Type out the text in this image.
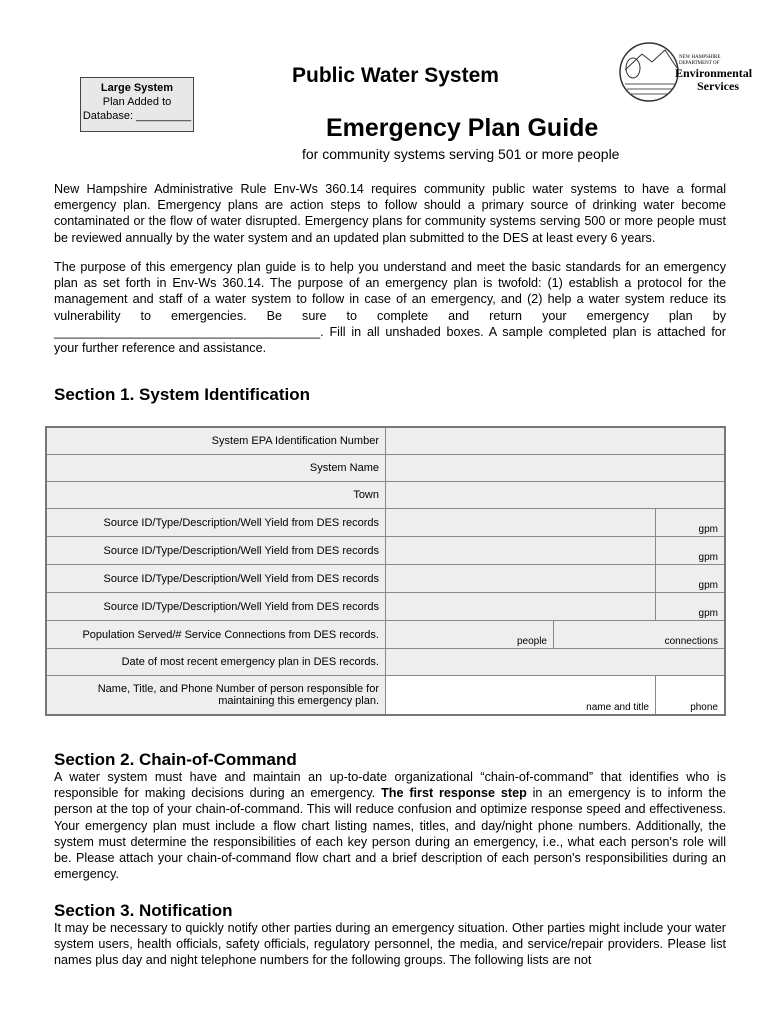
Large System
Plan Added to
Database: _________
Public Water System
Emergency Plan Guide
for community systems serving 501 or more people
NEW HAMPSHIRE
DEPARTMENT OF
Environmental
Services
New Hampshire Administrative Rule Env-Ws 360.14 requires community public water systems to have a formal emergency plan. Emergency plans are action steps to follow should a primary source of drinking water become contaminated or the flow of water disrupted. Emergency plans for community systems serving 500 or more people must be reviewed annually by the water system and an updated plan submitted to the DES at least every 6 years.
The purpose of this emergency plan guide is to help you understand and meet the basic standards for an emergency plan as set forth in Env-Ws 360.14. The purpose of an emergency plan is twofold: (1) establish a protocol for the management and staff of a water system to follow in case of an emergency, and (2) help a water system reduce its vulnerability to emergencies. Be sure to complete and return your emergency plan by ______________________________________. Fill in all unshaded boxes. A sample completed plan is attached for your further reference and assistance.
Section 1. System Identification
System EPA Identification Number			
System Name			
Town			
Source ID/Type/Description/Well Yield from DES records			gpm
Source ID/Type/Description/Well Yield from DES records			gpm
Source ID/Type/Description/Well Yield from DES records			gpm
Source ID/Type/Description/Well Yield from DES records			gpm
Population Served/# Service Connections from DES records.	people	connections	
Date of most recent emergency plan in DES records.			
Name, Title, and Phone Number of person responsible for maintaining this emergency plan.	name and title		phone
Section 2. Chain-of-Command
A water system must have and maintain an up-to-date organizational “chain-of-command” that identifies who is responsible for making decisions during an emergency. The first response step in an emergency is to inform the person at the top of your chain-of-command. This will reduce confusion and optimize response speed and effectiveness. Your emergency plan must include a flow chart listing names, titles, and day/night phone numbers. Additionally, the system must determine the responsibilities of each key person during an emergency, i.e., what each person's role will be. Please attach your chain-of-command flow chart and a brief description of each person's responsibilities during an emergency.
Section 3. Notification
It may be necessary to quickly notify other parties during an emergency situation. Other parties might include your water system users, health officials, safety officials, regulatory personnel, the media, and service/repair providers. Please list names plus day and night telephone numbers for the following groups. The following lists are not
